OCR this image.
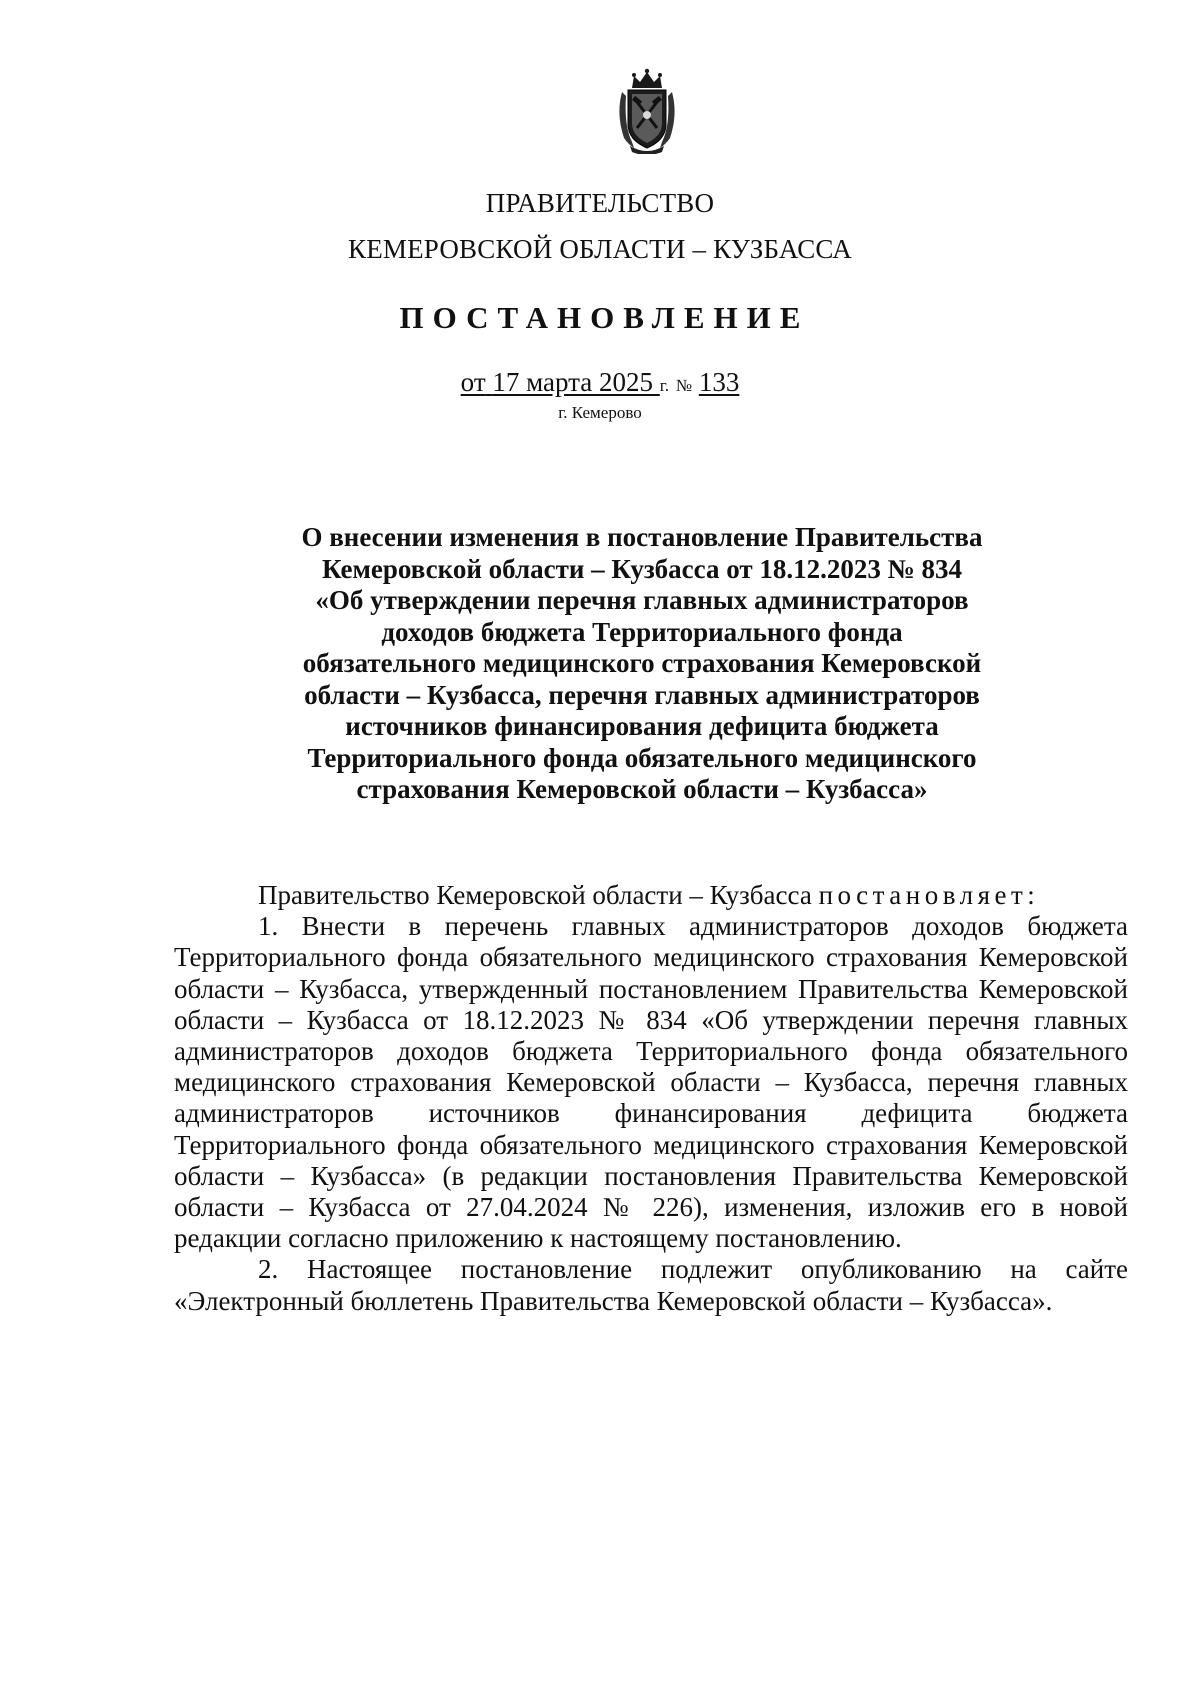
ПРАВИТЕЛЬСТВО
КЕМЕРОВСКОЙ ОБЛАСТИ – КУЗБАССА
ПОСТАНОВЛЕНИЕ
от 17 марта 2025 г. № 133
г. Кемерово
О внесении изменения в постановление Правительства
Кемеровской области – Кузбасса от 18.12.2023 № 834
«Об утверждении перечня главных администраторов
доходов бюджета Территориального фонда
обязательного медицинского страхования Кемеровской
области – Кузбасса, перечня главных администраторов
источников финансирования дефицита бюджета
Территориального фонда обязательного медицинского
страхования Кемеровской области – Кузбасса»

Правительство Кемеровской области – Кузбасса постановляет:

1. Внести в перечень главных администраторов доходов бюджета Территориального фонда обязательного медицинского страхования Кемеровской области – Кузбасса, утвержденный постановлением Правительства Кемеровской области – Кузбасса от 18.12.2023 № 834 «Об утверждении перечня главных администраторов доходов бюджета Территориального фонда обязательного медицинского страхования Кемеровской области – Кузбасса, перечня главных администраторов источников финансирования дефицита бюджета Территориального фонда обязательного медицинского страхования Кемеровской области – Кузбасса» (в редакции постановления Правительства Кемеровской области – Кузбасса от 27.04.2024 № 226), изменения, изложив его в новой редакции согласно приложению к настоящему постановлению.

2. Настоящее постановление подлежит опубликованию на сайте «Электронный бюллетень Правительства Кемеровской области – Кузбасса».
